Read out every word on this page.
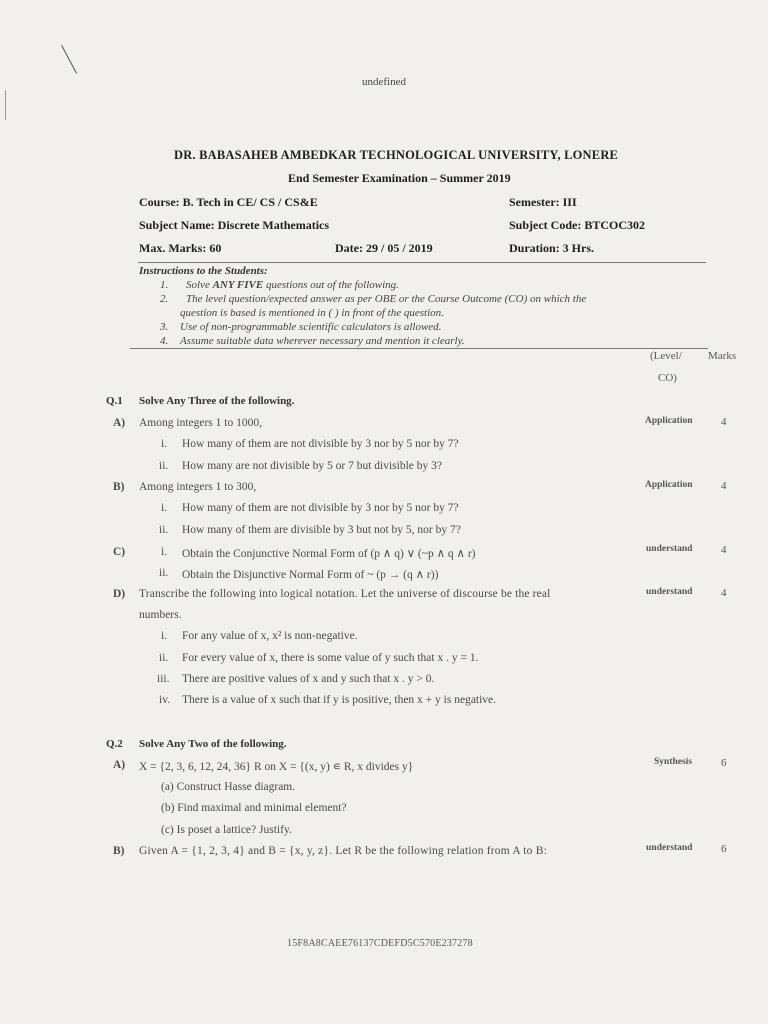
undefined
DR. BABASAHEB AMBEDKAR TECHNOLOGICAL UNIVERSITY, LONERE
End Semester Examination – Summer 2019
Course: B. Tech in CE/ CS / CS&E	Semester: III
Subject Name: Discrete Mathematics	Subject Code: BTCOC302
Max. Marks: 60	Date: 29 / 05 / 2019	Duration: 3 Hrs.
Instructions to the Students:
1. Solve ANY FIVE questions out of the following.
2. The level question/expected answer as per OBE or the Course Outcome (CO) on which the
question is based is mentioned in ( ) in front of the question.
3. Use of non-programmable scientific calculators is allowed.
4. Assume suitable data wherever necessary and mention it clearly.
(Level/ Marks
CO)
Q.1 Solve Any Three of the following.
A) Among integers 1 to 1000,	Application	4
i. How many of them are not divisible by 3 nor by 5 nor by 7?
ii. How many are not divisible by 5 or 7 but divisible by 3?
B) Among integers 1 to 300,	Application	4
i. How many of them are not divisible by 3 nor by 5 nor by 7?
ii. How many of them are divisible by 3 but not by 5, nor by 7?
C)	i. Obtain the Conjunctive Normal Form of (p ∧ q) ∨ (~p ∧ q ∧ r)	understand	4
ii. Obtain the Disjunctive Normal Form of ~ (p → (q ∧ r))
D) Transcribe the following into logical notation. Let the universe of discourse be the real	understand	4
numbers.
i. For any value of x, x² is non-negative.
ii. For every value of x, there is some value of y such that x . y = 1.
iii. There are positive values of x and y such that x . y > 0.
iv. There is a value of x such that if y is positive, then x + y is negative.
Q.2 Solve Any Two of the following.
A) X = {2, 3, 6, 12, 24, 36} R on X = {(x, y) ∊ R, x divides y}	Synthesis	6
(a) Construct Hasse diagram.
(b) Find maximal and minimal element?
(c) Is poset a lattice? Justify.
B) Given A = {1, 2, 3, 4} and B = {x, y, z}. Let R be the following relation from A to B:	understand	6
15F8A8CAEE76137CDEFD5C570E237278
